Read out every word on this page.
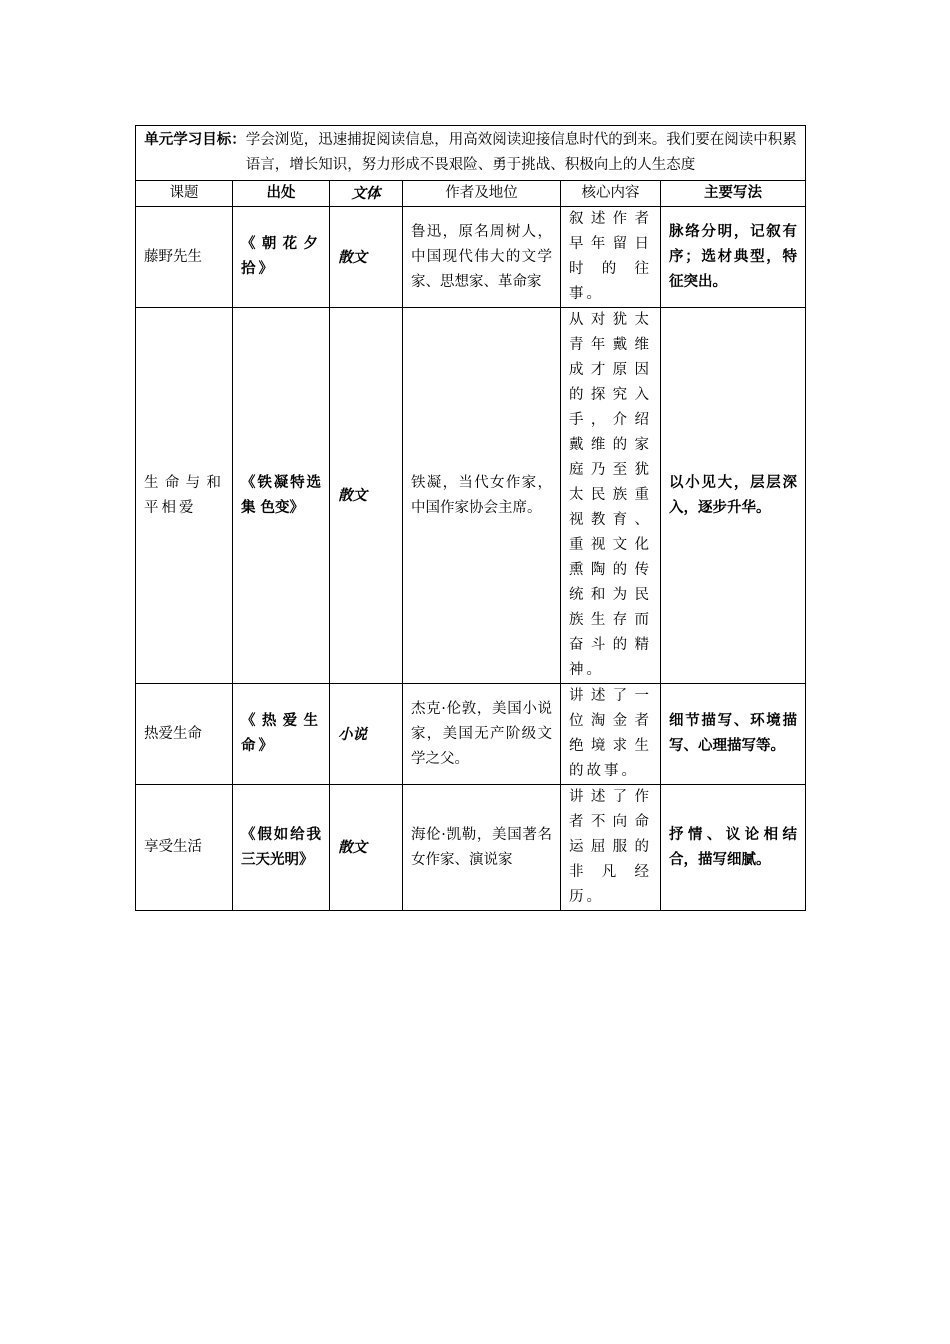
单元学习目标：学会浏览，迅速捕捉阅读信息，用高效阅读迎接信息时代的到来。我们要在阅读中积累语言，增长知识，努力形成不畏艰险、勇于挑战、积极向上的人生态度					
课题	出处	文体	作者及地位	核心内容	主要写法
藤野先生	《朝花夕拾》	散文	鲁迅，原名周树人，中国现代伟大的文学家、思想家、革命家	叙述作者早年留日时的往事。	脉络分明，记叙有序；选材典型，特征突出。
生命与和平相爱	《铁凝特选集 色变》	散文	铁凝，当代女作家，中国作家协会主席。	从对犹太青年戴维成才原因的探究入手，介绍戴维的家庭乃至犹太民族重视教育、重视文化熏陶的传统和为民族生存而奋斗的精神。	以小见大，层层深入，逐步升华。
热爱生命	《热爱生命》	小说	杰克·伦敦，美国小说家，美国无产阶级文学之父。	讲述了一位淘金者绝境求生的故事。	细节描写、环境描写、心理描写等。
享受生活	《假如给我三天光明》	散文	海伦·凯勒，美国著名女作家、演说家	讲述了作者不向命运屈服的非凡经历。	抒情、议论相结合，描写细腻。
